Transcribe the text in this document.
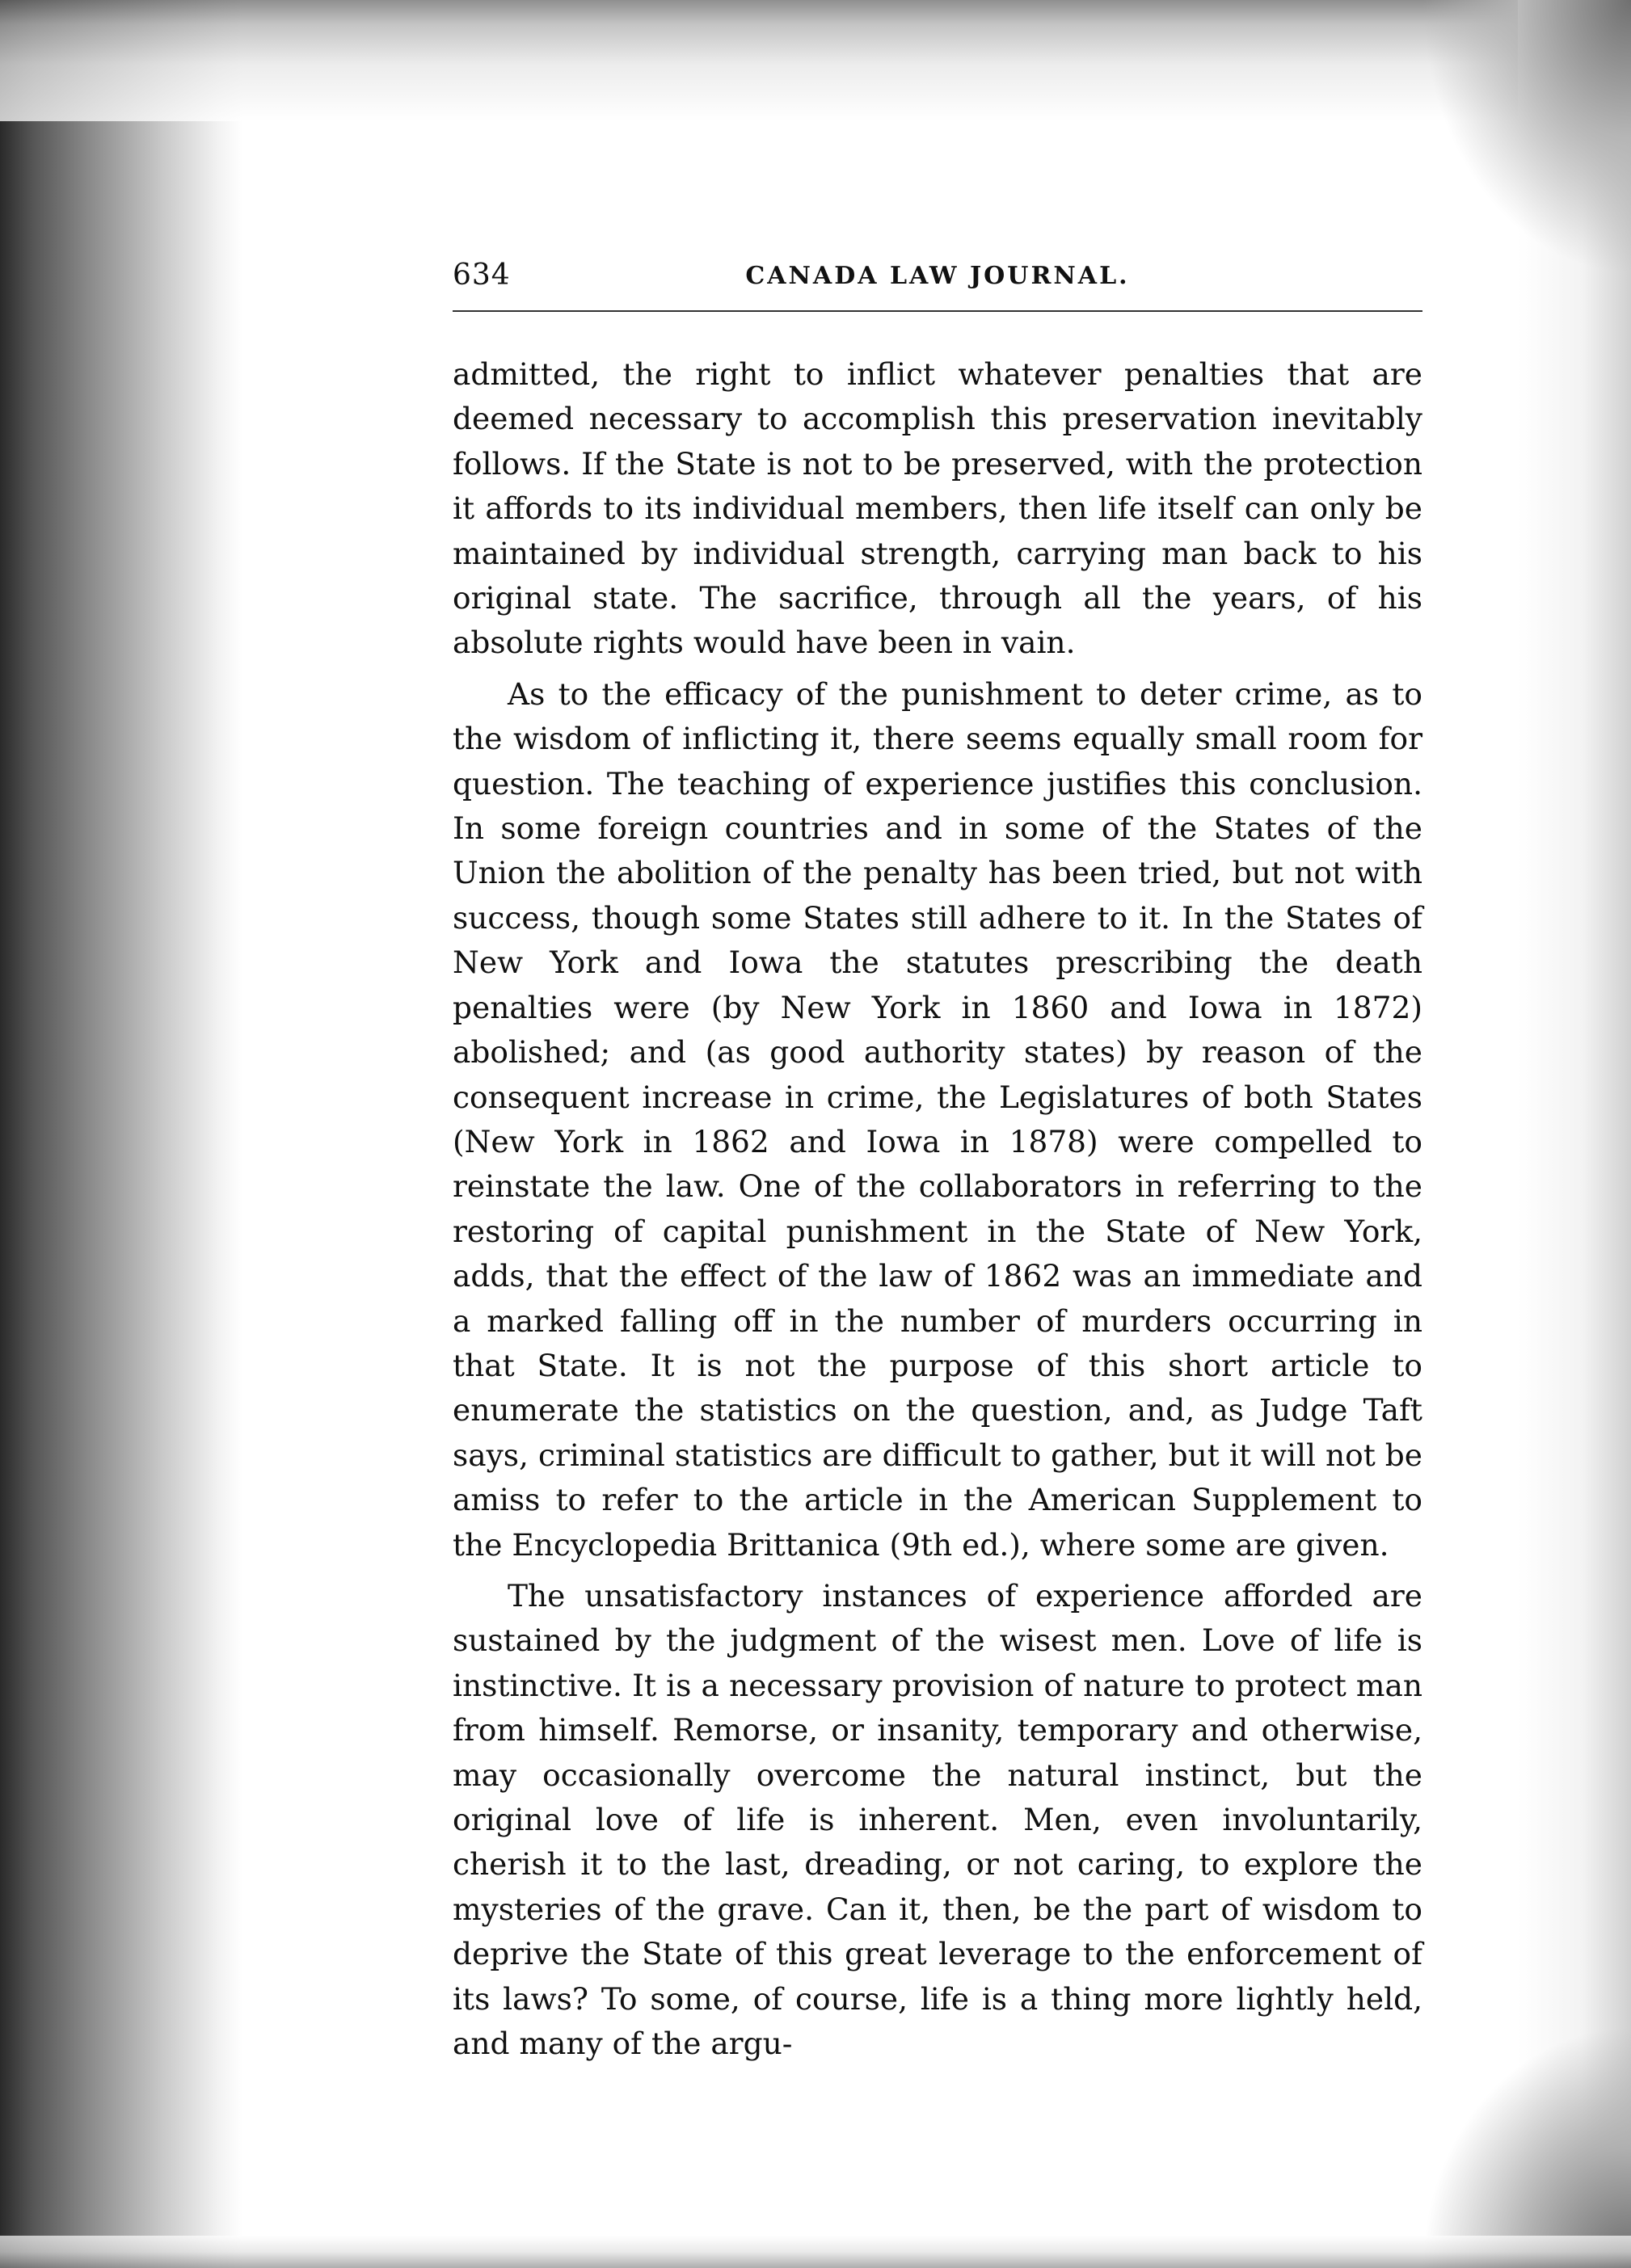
634	CANADA LAW JOURNAL.

admitted, the right to inflict whatever penalties that are deemed necessary to accomplish this preservation inevitably follows. If the State is not to be preserved, with the protection it affords to its individual members, then life itself can only be maintained by individual strength, carrying man back to his original state. The sacrifice, through all the years, of his absolute rights would have been in vain.

As to the efficacy of the punishment to deter crime, as to the wisdom of inflicting it, there seems equally small room for question. The teaching of experience justifies this conclusion. In some foreign countries and in some of the States of the Union the abolition of the penalty has been tried, but not with success, though some States still adhere to it. In the States of New York and Iowa the statutes prescribing the death penalties were (by New York in 1860 and Iowa in 1872) abolished; and (as good authority states) by reason of the consequent increase in crime, the Legislatures of both States (New York in 1862 and Iowa in 1878) were compelled to reinstate the law. One of the collaborators in referring to the restoring of capital punishment in the State of New York, adds, that the effect of the law of 1862 was an immediate and a marked falling off in the number of murders occurring in that State. It is not the purpose of this short article to enumerate the statistics on the question, and, as Judge Taft says, criminal statistics are difficult to gather, but it will not be amiss to refer to the article in the American Supplement to the Encyclopedia Brittanica (9th ed.), where some are given.

The unsatisfactory instances of experience afforded are sustained by the judgment of the wisest men. Love of life is instinctive. It is a necessary provision of nature to protect man from himself. Remorse, or insanity, temporary and otherwise, may occasionally overcome the natural instinct, but the original love of life is inherent. Men, even involuntarily, cherish it to the last, dreading, or not caring, to explore the mysteries of the grave. Can it, then, be the part of wisdom to deprive the State of this great leverage to the enforcement of its laws? To some, of course, life is a thing more lightly held, and many of the argu-
